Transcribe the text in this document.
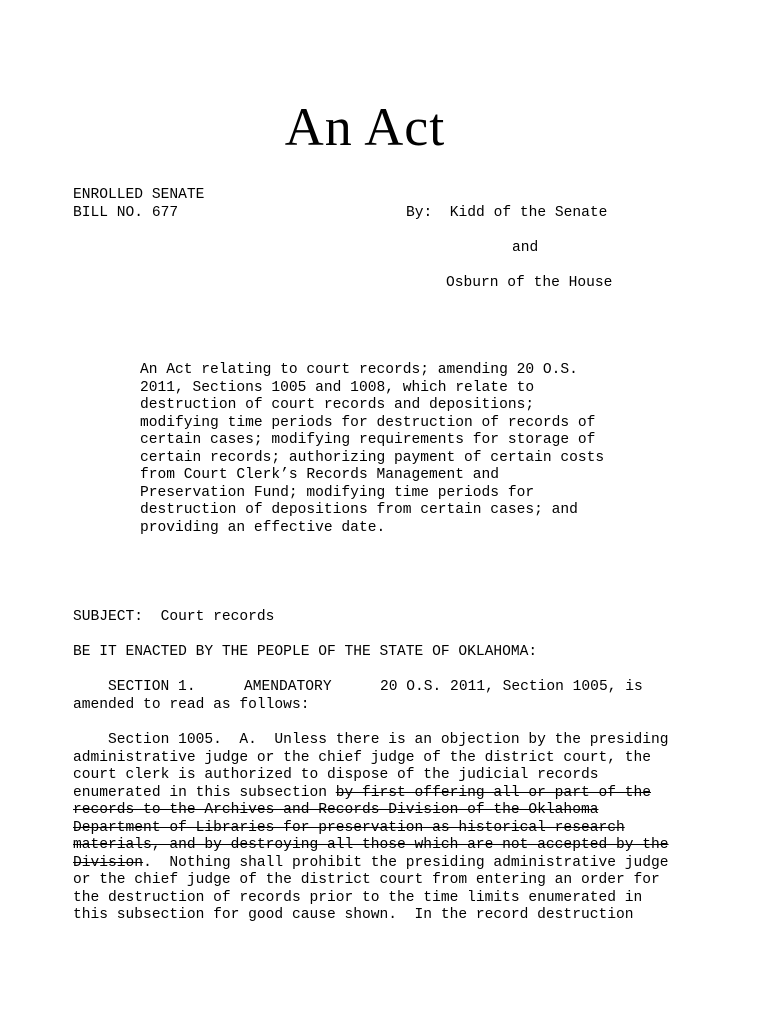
An Act
ENROLLED SENATE
BILL NO. 677	By:  Kidd of the Senate
and
Osburn of the House
An Act relating to court records; amending 20 O.S.
2011, Sections 1005 and 1008, which relate to
destruction of court records and depositions;
modifying time periods for destruction of records of
certain cases; modifying requirements for storage of
certain records; authorizing payment of certain costs
from Court Clerk’s Records Management and
Preservation Fund; modifying time periods for
destruction of depositions from certain cases; and
providing an effective date.
SUBJECT:  Court records
BE IT ENACTED BY THE PEOPLE OF THE STATE OF OKLAHOMA:
SECTION 1.	AMENDATORY	20 O.S. 2011, Section 1005, is
amended to read as follows:
Section 1005.  A.  Unless there is an objection by the presiding
administrative judge or the chief judge of the district court, the
court clerk is authorized to dispose of the judicial records
enumerated in this subsection by first offering all or part of the
records to the Archives and Records Division of the Oklahoma
Department of Libraries for preservation as historical research
materials, and by destroying all those which are not accepted by the
Division.  Nothing shall prohibit the presiding administrative judge
or the chief judge of the district court from entering an order for
the destruction of records prior to the time limits enumerated in
this subsection for good cause shown.  In the record destruction
